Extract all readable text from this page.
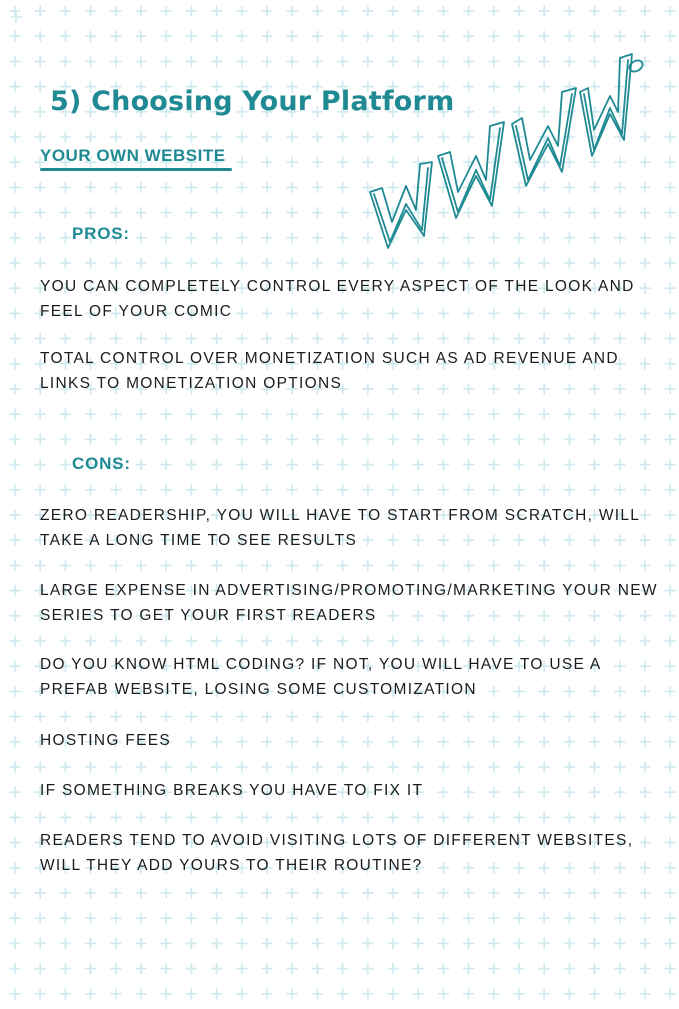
5) Choosing Your Platform
YOUR OWN WEBSITE
PROS:
YOU CAN COMPLETELY CONTROL EVERY ASPECT OF THE LOOK AND FEEL OF YOUR COMIC
TOTAL CONTROL OVER MONETIZATION SUCH AS AD REVENUE AND LINKS TO MONETIZATION OPTIONS
CONS:
ZERO READERSHIP, YOU WILL HAVE TO START FROM SCRATCH, WILL TAKE A LONG TIME TO SEE RESULTS
LARGE EXPENSE IN ADVERTISING/PROMOTING/MARKETING YOUR NEW SERIES TO GET YOUR FIRST READERS
DO YOU KNOW HTML CODING? IF NOT, YOU WILL HAVE TO USE A PREFAB WEBSITE, LOSING SOME CUSTOMIZATION
HOSTING FEES
IF SOMETHING BREAKS YOU HAVE TO FIX IT
READERS TEND TO AVOID VISITING LOTS OF DIFFERENT WEBSITES, WILL THEY ADD YOURS TO THEIR ROUTINE?
